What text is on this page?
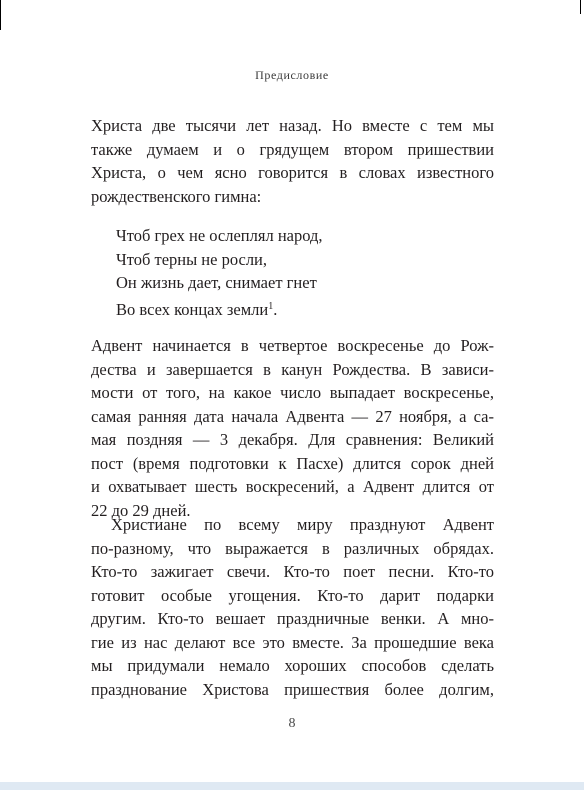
Предисловие
Христа две тысячи лет назад. Но вместе с тем мы
также думаем и о грядущем втором пришествии
Христа, о чем ясно говорится в словах известного
рождественского гимна:
Чтоб грех не ослеплял народ,
Чтоб терны не росли,
Он жизнь дает, снимает гнет
Во всех концах земли$^1$.
Адвент начинается в четвертое воскресенье до Рож-
дества и завершается в канун Рождества. В зависи-
мости от того, на какое число выпадает воскресенье,
самая ранняя дата начала Адвента — 27 ноября, а са-
мая поздняя — 3 декабря. Для сравнения: Великий
пост (время подготовки к Пасхе) длится сорок дней
и охватывает шесть воскресений, а Адвент длится от
22 до 29 дней.
Христиане по всему миру празднуют Адвент
по-разному, что выражается в различных обрядах.
Кто-то зажигает свечи. Кто-то поет песни. Кто-то
готовит особые угощения. Кто-то дарит подарки
другим. Кто-то вешает праздничные венки. А мно-
гие из нас делают все это вместе. За прошедшие века
мы придумали немало хороших способов сделать
празднование Христова пришествия более долгим,
8
